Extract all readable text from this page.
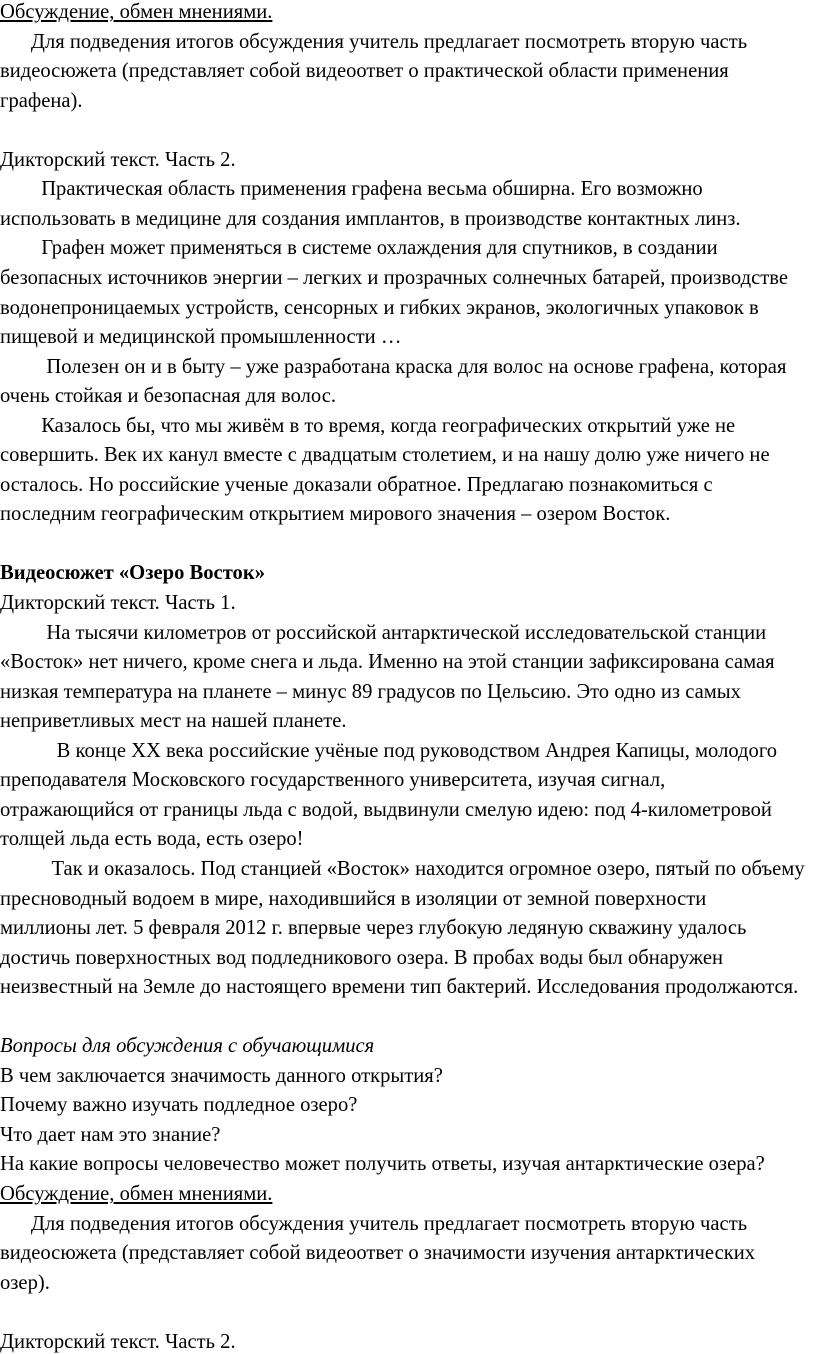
Обсуждение, обмен мнениями.
Для подведения итогов обсуждения учитель предлагает посмотреть вторую часть
видеосюжета (представляет собой видеоответ о практической области применения
графена).
Дикторский текст. Часть 2.
Практическая область применения графена весьма обширна. Его возможно
использовать в медицине для создания имплантов, в производстве контактных линз.
Графен может применяться в системе охлаждения для спутников, в создании
безопасных источников энергии – легких и прозрачных солнечных батарей, производстве
водонепроницаемых устройств, сенсорных и гибких экранов, экологичных упаковок в
пищевой и медицинской промышленности …
Полезен он и в быту – уже разработана краска для волос на основе графена, которая
очень стойкая и безопасная для волос.
Казалось бы, что мы живём в то время, когда географических открытий уже не
совершить. Век их канул вместе с двадцатым столетием, и на нашу долю уже ничего не
осталось. Но российские ученые доказали обратное. Предлагаю познакомиться с
последним географическим открытием мирового значения – озером Восток.
Видеосюжет «Озеро Восток»
Дикторский текст. Часть 1.
На тысячи километров от российской антарктической исследовательской станции
«Восток» нет ничего, кроме снега и льда. Именно на этой станции зафиксирована самая
низкая температура на планете – минус 89 градусов по Цельсию. Это одно из самых
неприветливых мест на нашей планете.
В конце XX века российские учёные под руководством Андрея Капицы, молодого
преподавателя Московского государственного университета, изучая сигнал,
отражающийся от границы льда с водой, выдвинули смелую идею: под 4-километровой
толщей льда есть вода, есть озеро!
Так и оказалось. Под станцией «Восток» находится огромное озеро, пятый по объему
пресноводный водоем в мире, находившийся в изоляции от земной поверхности
миллионы лет. 5 февраля 2012 г. впервые через глубокую ледяную скважину удалось
достичь поверхностных вод подледникового озера. В пробах воды был обнаружен
неизвестный на Земле до настоящего времени тип бактерий. Исследования продолжаются.
Вопросы для обсуждения с обучающимися
В чем заключается значимость данного открытия?
Почему важно изучать подледное озеро?
Что дает нам это знание?
На какие вопросы человечество может получить ответы, изучая антарктические озера?
Обсуждение, обмен мнениями.
Для подведения итогов обсуждения учитель предлагает посмотреть вторую часть
видеосюжета (представляет собой видеоответ о значимости изучения антарктических
озер).
Дикторский текст. Часть 2.
